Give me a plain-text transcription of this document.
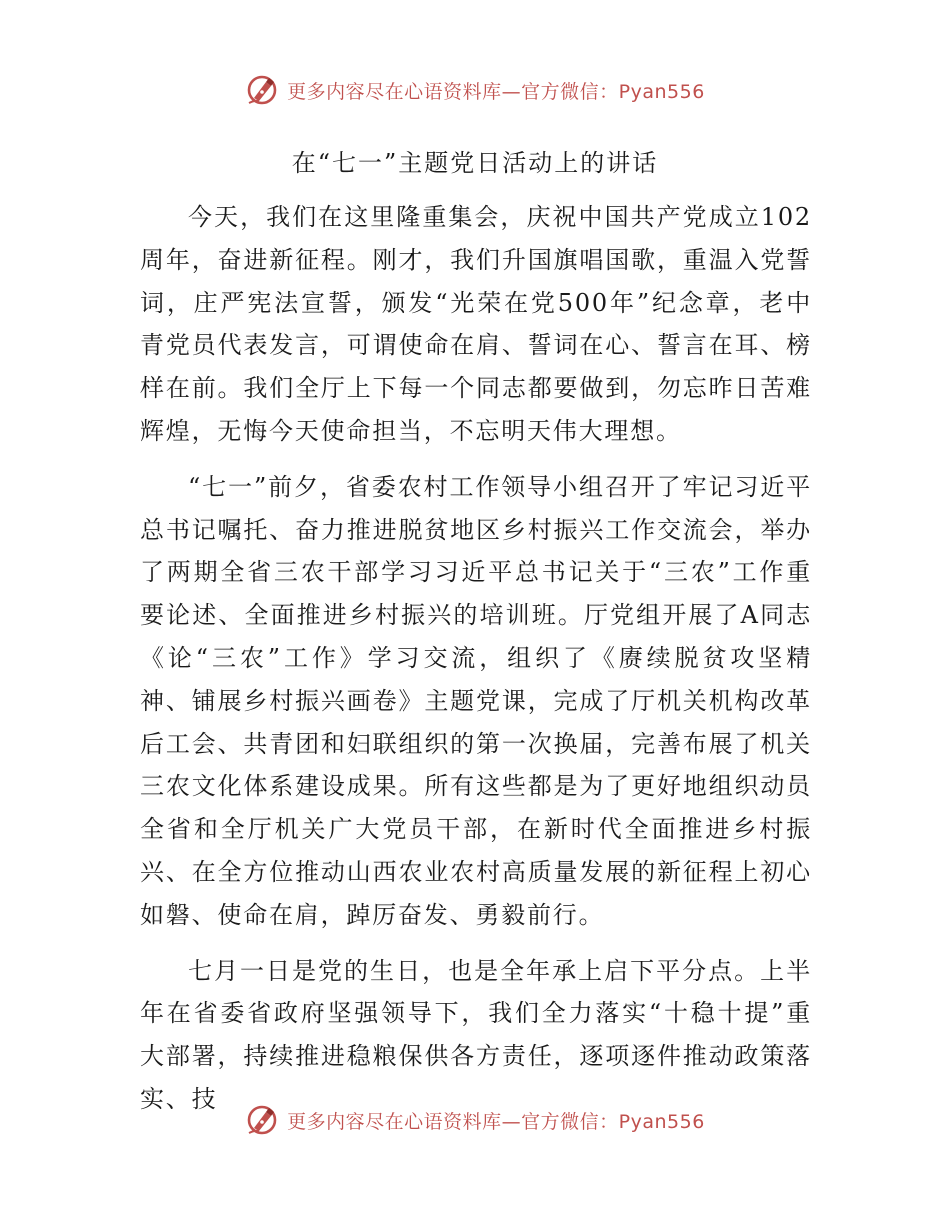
更多内容尽在心语资料库—官方微信：Pyan556
在“七一”主题党日活动上的讲话

今天，我们在这里隆重集会，庆祝中国共产党成立102周年，奋进新征程。刚才，我们升国旗唱国歌，重温入党誓词，庄严宪法宣誓，颁发“光荣在党500年”纪念章，老中青党员代表发言，可谓使命在肩、誓词在心、誓言在耳、榜样在前。我们全厅上下每一个同志都要做到，勿忘昨日苦难辉煌，无悔今天使命担当，不忘明天伟大理想。

“七一”前夕，省委农村工作领导小组召开了牢记习近平总书记嘱托、奋力推进脱贫地区乡村振兴工作交流会，举办了两期全省三农干部学习习近平总书记关于“三农”工作重要论述、全面推进乡村振兴的培训班。厅党组开展了A同志《论“三农”工作》学习交流，组织了《赓续脱贫攻坚精神、铺展乡村振兴画卷》主题党课，完成了厅机关机构改革后工会、共青团和妇联组织的第一次换届，完善布展了机关三农文化体系建设成果。所有这些都是为了更好地组织动员全省和全厅机关广大党员干部，在新时代全面推进乡村振兴、在全方位推动山西农业农村高质量发展的新征程上初心如磐、使命在肩，踔厉奋发、勇毅前行。

七月一日是党的生日，也是全年承上启下平分点。上半年在省委省政府坚强领导下，我们全力落实“十稳十提”重大部署，持续推进稳粮保供各方责任，逐项逐件推动政策落实、技

更多内容尽在心语资料库—官方微信：Pyan556
